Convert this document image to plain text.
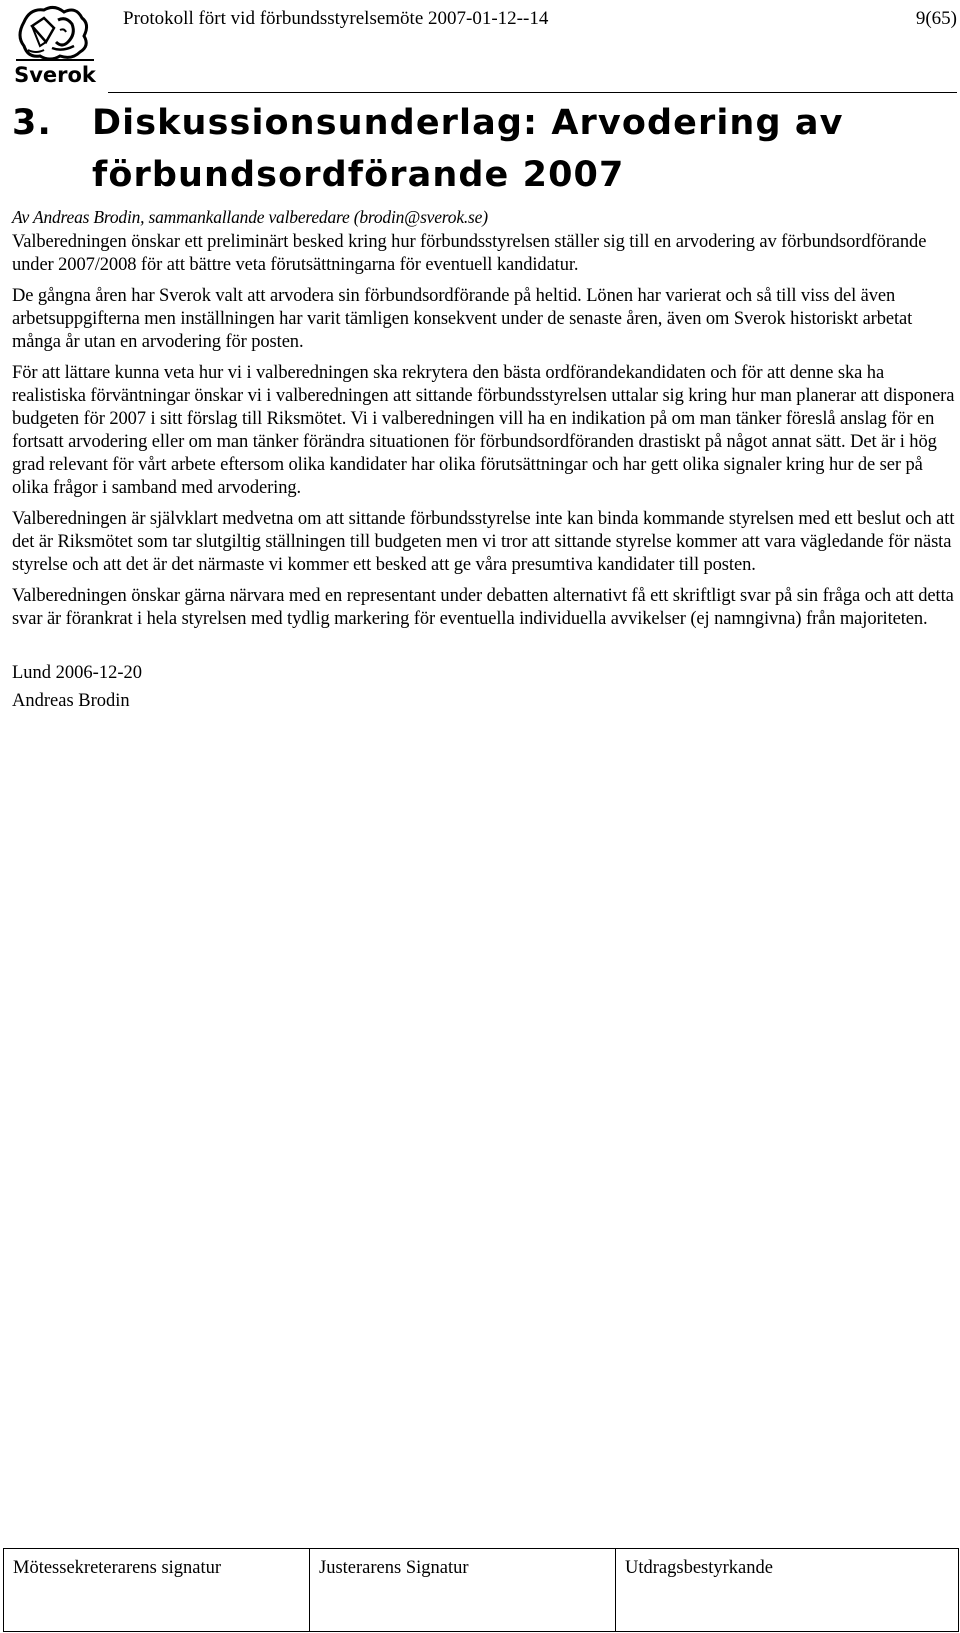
Sverok
Protokoll fört vid förbundsstyrelsemöte 2007-01-12--14	9(65)
3. Diskussionsunderlag: Arvodering av
förbundsordförande 2007

Av Andreas Brodin, sammankallande valberedare (brodin@sverok.se)

Valberedningen önskar ett preliminärt besked kring hur förbundsstyrelsen ställer sig till en arvodering av förbundsordförande under 2007/2008 för att bättre veta förutsättningarna för eventuell kandidatur.

De gångna åren har Sverok valt att arvodera sin förbundsordförande på heltid. Lönen har varierat och så till viss del även arbetsuppgifterna men inställningen har varit tämligen konsekvent under de senaste åren, även om Sverok historiskt arbetat många år utan en arvodering för posten.

För att lättare kunna veta hur vi i valberedningen ska rekrytera den bästa ordförandekandidaten och för att denne ska ha realistiska förväntningar önskar vi i valberedningen att sittande förbundsstyrelsen uttalar sig kring hur man planerar att disponera budgeten för 2007 i sitt förslag till Riksmötet. Vi i valberedningen vill ha en indikation på om man tänker föreslå anslag för en fortsatt arvodering eller om man tänker förändra situationen för förbundsordföranden drastiskt på något annat sätt. Det är i hög grad relevant för vårt arbete eftersom olika kandidater har olika förutsättningar och har gett olika signaler kring hur de ser på olika frågor i samband med arvodering.

Valberedningen är självklart medvetna om att sittande förbundsstyrelse inte kan binda kommande styrelsen med ett beslut och att det är Riksmötet som tar slutgiltig ställningen till budgeten men vi tror att sittande styrelse kommer att vara vägledande för nästa styrelse och att det är det närmaste vi kommer ett besked att ge våra presumtiva kandidater till posten.

Valberedningen önskar gärna närvara med en representant under debatten alternativt få ett skriftligt svar på sin fråga och att detta svar är förankrat i hela styrelsen med tydlig markering för eventuella individuella avvikelser (ej namngivna) från majoriteten.

Lund 2006-12-20
Andreas Brodin
Mötessekreterarens signatur	Justerarens Signatur	Utdragsbestyrkande
